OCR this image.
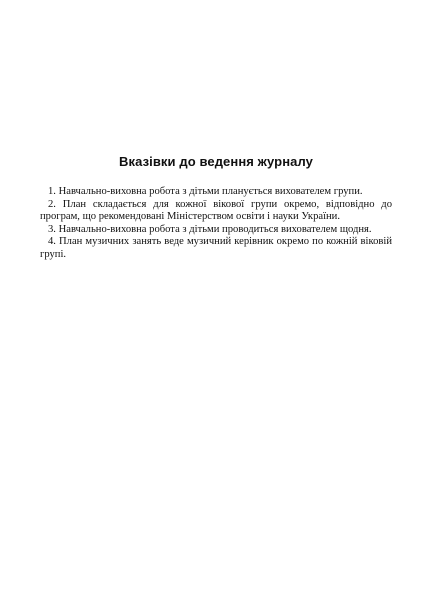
Вказівки до ведення журналу

1. Навчально-виховна робота з дітьми планується вихователем групи.

2. План складається для кожної вікової групи окремо, відповідно до програм, що рекомендовані Міністерством освіти і науки України.

3. Навчально-виховна робота з дітьми проводиться вихователем щодня.

4. План музичних занять веде музичний керівник окремо по кожній віковій групі.
